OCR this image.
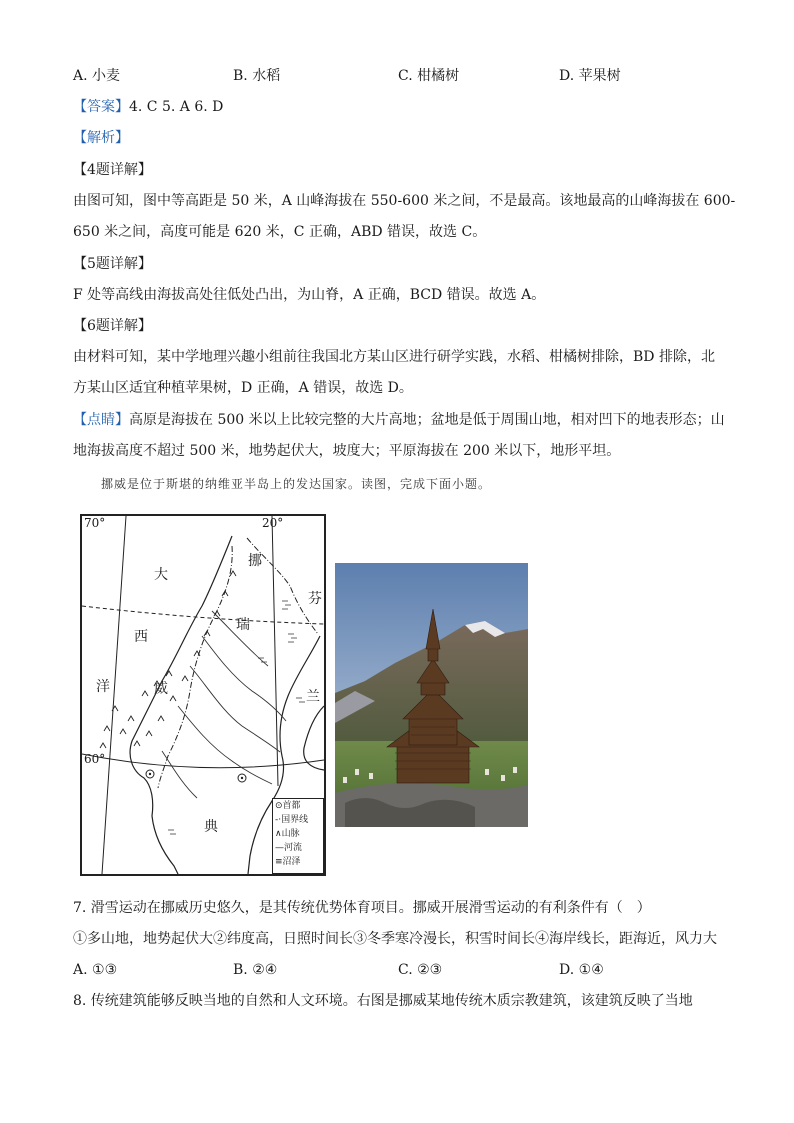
A. 小麦	B. 水稻	C. 柑橘树	D. 苹果树
【答案】4. C 5. A 6. D
【解析】
【4题详解】
由图可知，图中等高距是 50 米，A 山峰海拔在 550-600 米之间，不是最高。该地最高的山峰海拔在 600-
650 米之间，高度可能是 620 米，C 正确，ABD 错误，故选 C。
【5题详解】
F 处等高线由海拔高处往低处凸出，为山脊，A 正确，BCD 错误。故选 A。
【6题详解】
由材料可知，某中学地理兴趣小组前往我国北方某山区进行研学实践，水稻、柑橘树排除，BD 排除，北
方某山区适宜种植苹果树，D 正确，A 错误，故选 D。
【点睛】高原是海拔在 500 米以上比较完整的大片高地；盆地是低于周围山地，相对凹下的地表形态；山
地海拔高度不超过 500 米，地势起伏大，坡度大；平原海拔在 200 米以下，地形平坦。
挪威是位于斯堪的纳维亚半岛上的发达国家。读图，完成下面小题。
70°	20°
60°
大
西
洋
挪
威
瑞
典
芬
兰
⊙首都
-·国界线
∧山脉
—河流
≡沼泽
7. 滑雪运动在挪威历史悠久，是其传统优势体育项目。挪威开展滑雪运动的有利条件有（　）
①多山地，地势起伏大②纬度高，日照时间长③冬季寒冷漫长，积雪时间长④海岸线长，距海近，风力大
A. ①③	B. ②④	C. ②③	D. ①④
8. 传统建筑能够反映当地的自然和人文环境。右图是挪威某地传统木质宗教建筑，该建筑反映了当地
